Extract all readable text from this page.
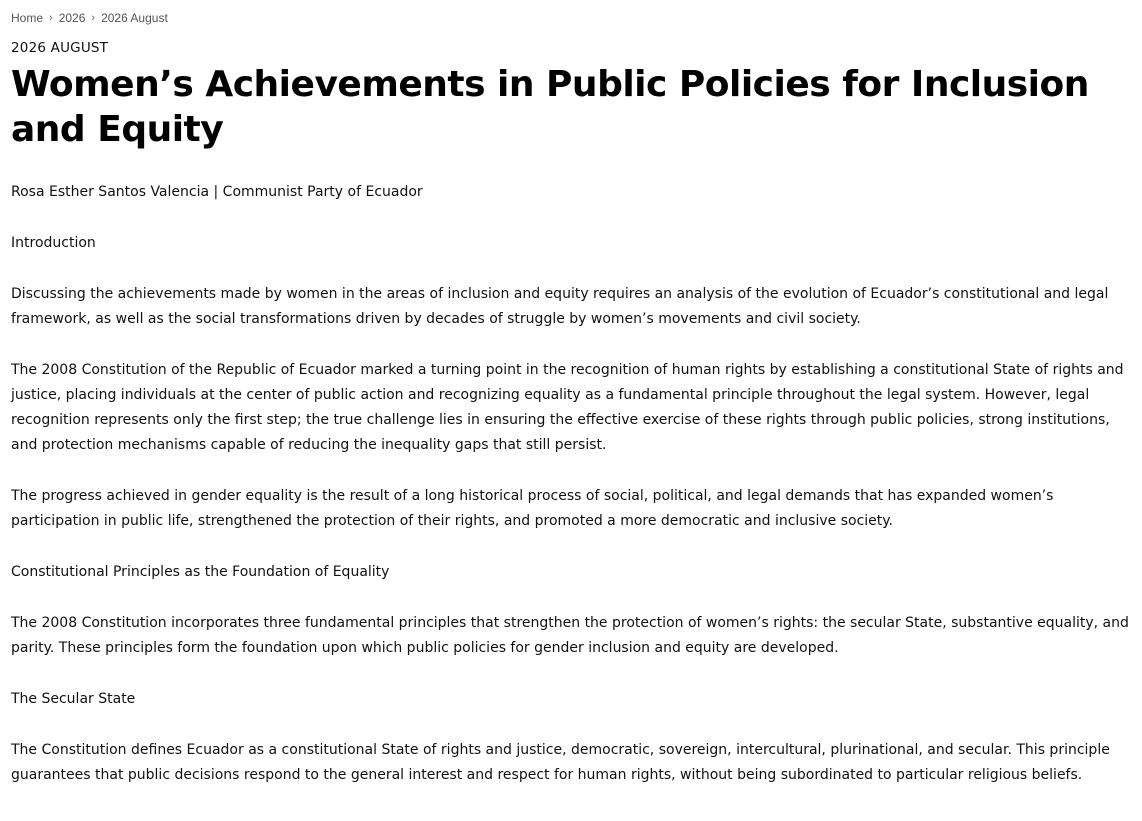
Home › 2026 › 2026 August
2026 AUGUST
Women’s Achievements in Public Policies for Inclusion and Equity
Rosa Esther Santos Valencia | Communist Party of Ecuador

Introduction

Discussing the achievements made by women in the areas of inclusion and equity requires an analysis of the evolution of Ecuador’s constitutional and legal framework, as well as the social transformations driven by decades of struggle by women’s movements and civil society.

The 2008 Constitution of the Republic of Ecuador marked a turning point in the recognition of human rights by establishing a constitutional State of rights and justice, placing individuals at the center of public action and recognizing equality as a fundamental principle throughout the legal system. However, legal recognition represents only the first step; the true challenge lies in ensuring the effective exercise of these rights through public policies, strong institutions, and protection mechanisms capable of reducing the inequality gaps that still persist.

The progress achieved in gender equality is the result of a long historical process of social, political, and legal demands that has expanded women’s participation in public life, strengthened the protection of their rights, and promoted a more democratic and inclusive society.

Constitutional Principles as the Foundation of Equality

The 2008 Constitution incorporates three fundamental principles that strengthen the protection of women’s rights: the secular State, substantive equality, and parity. These principles form the foundation upon which public policies for gender inclusion and equity are developed.

The Secular State

The Constitution defines Ecuador as a constitutional State of rights and justice, democratic, sovereign, intercultural, plurinational, and secular. This principle guarantees that public decisions respond to the general interest and respect for human rights, without being subordinated to particular religious beliefs.
